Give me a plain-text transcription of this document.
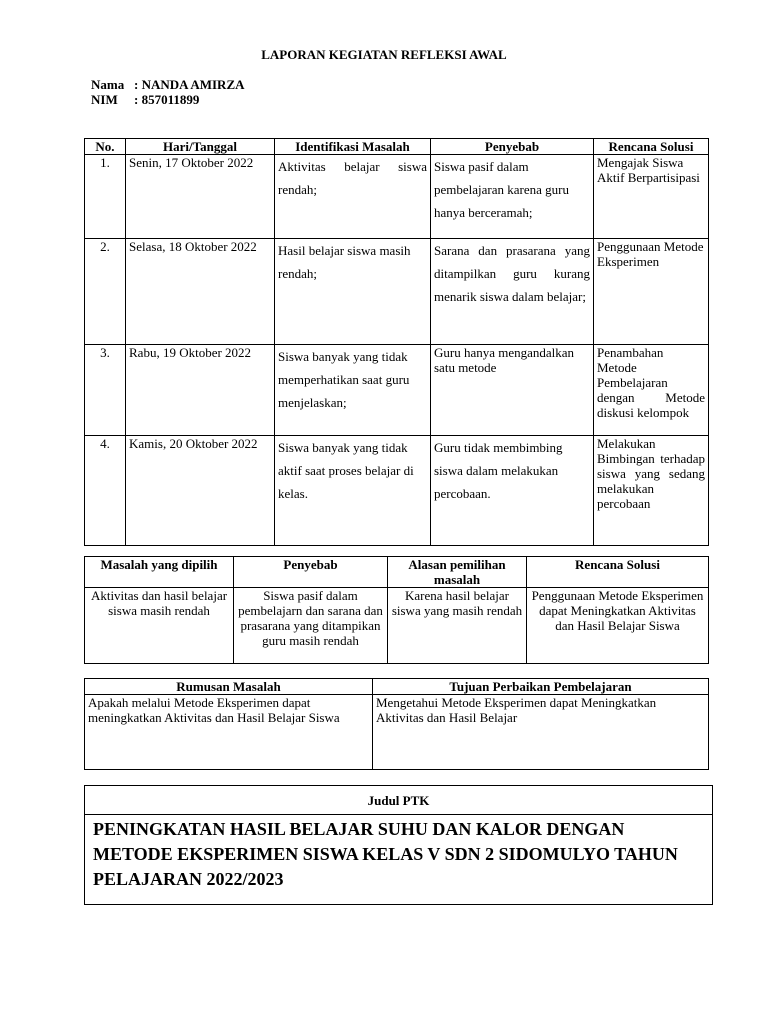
LAPORAN KEGIATAN REFLEKSI AWAL
Nama : NANDA AMIRZA
NIM : 857011899
No.	Hari/Tanggal	Identifikasi Masalah	Penyebab	Rencana Solusi
1.	Senin, 17 Oktober 2022	Aktivitas belajar siswa rendah;	Siswa pasif dalam pembelajaran karena guru hanya berceramah;	Mengajak Siswa Aktif Berpartisipasi
2.	Selasa, 18 Oktober 2022	Hasil belajar siswa masih rendah;	Sarana dan prasarana yang ditampilkan guru kurang menarik siswa dalam belajar;	Penggunaan Metode Eksperimen
3.	Rabu, 19 Oktober 2022	Siswa banyak yang tidak memperhatikan saat guru menjelaskan;	Guru hanya mengandalkan satu metode	Penambahan Metode Pembelajaran dengan Metode diskusi kelompok
4.	Kamis, 20 Oktober 2022	Siswa banyak yang tidak aktif saat proses belajar di kelas.	Guru tidak membimbing siswa dalam melakukan percobaan.	Melakukan Bimbingan terhadap siswa yang sedang melakukan percobaan
Masalah yang dipilih	Penyebab	Alasan pemilihan masalah	Rencana Solusi
Aktivitas dan hasil belajar siswa masih rendah	Siswa pasif dalam pembelajarn dan sarana dan prasarana yang ditampikan guru masih rendah	Karena hasil belajar siswa yang masih rendah	Penggunaan Metode Eksperimen dapat Meningkatkan Aktivitas dan Hasil Belajar Siswa
Rumusan Masalah	Tujuan Perbaikan Pembelajaran
Apakah melalui Metode Eksperimen dapat meningkatkan Aktivitas dan Hasil Belajar Siswa	Mengetahui Metode Eksperimen dapat Meningkatkan Aktivitas dan Hasil Belajar
Judul PTK
PENINGKATAN HASIL BELAJAR SUHU DAN KALOR DENGAN METODE EKSPERIMEN SISWA KELAS V SDN 2 SIDOMULYO TAHUN PELAJARAN 2022/2023
